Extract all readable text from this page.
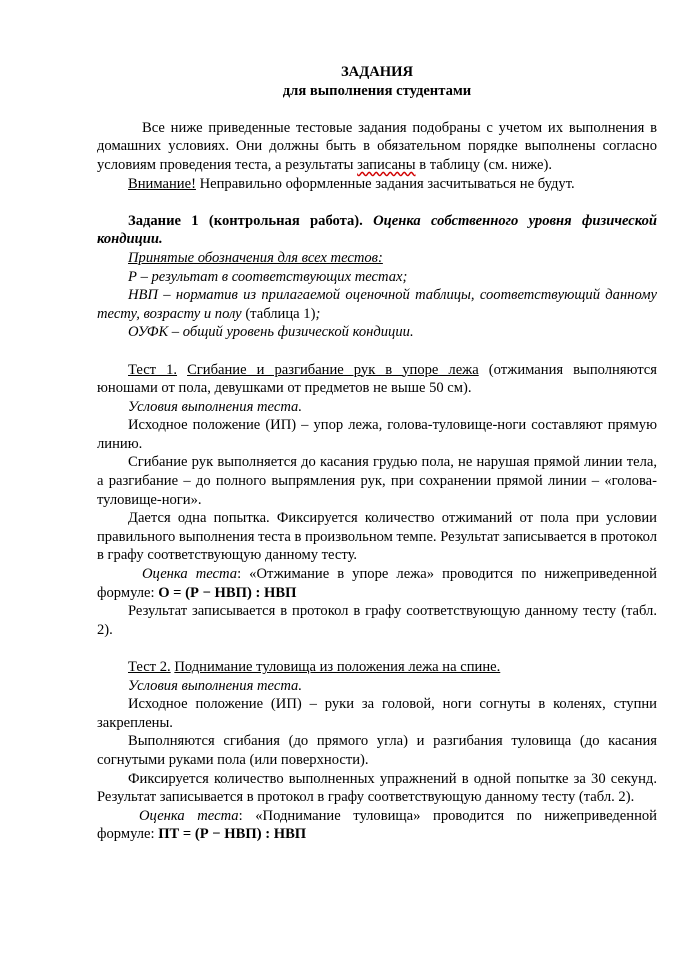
ЗАДАНИЯ
для выполнения студентами

Все ниже приведенные тестовые задания подобраны с учетом их выполнения в домашних условиях. Они должны быть в обязательном порядке выполнены согласно условиям проведения теста, а результаты записаны в таблицу (см. ниже).

Внимание! Неправильно оформленные задания засчитываться не будут.

Задание 1 (контрольная работа). Оценка собственного уровня физической кондиции.

Принятые обозначения для всех тестов:

Р – результат в соответствующих тестах;

НВП – норматив из прилагаемой оценочной таблицы, соответствующий данному тесту, возрасту и полу (таблица 1);

ОУФК – общий уровень физической кондиции.

Тест 1. Сгибание и разгибание рук в упоре лежа (отжимания выполняются юношами от пола, девушками от предметов не выше 50 см).

Условия выполнения теста.

Исходное положение (ИП) – упор лежа, голова-туловище-ноги составляют прямую линию.

Сгибание рук выполняется до касания грудью пола, не нарушая прямой линии тела, а разгибание – до полного выпрямления рук, при сохранении прямой линии – «голова-туловище-ноги».

Дается одна попытка. Фиксируется количество отжиманий от пола при условии правильного выполнения теста в произвольном темпе. Результат записывается в протокол в графу соответствующую данному тесту.

Оценка теста: «Отжимание в упоре лежа» проводится по нижеприведенной формуле: О = (Р − НВП) : НВП

Результат записывается в протокол в графу соответствующую данному тесту (табл. 2).

Тест 2. Поднимание туловища из положения лежа на спине.

Условия выполнения теста.

Исходное положение (ИП) – руки за головой, ноги согнуты в коленях, ступни закреплены.

Выполняются сгибания (до прямого угла) и разгибания туловища (до касания согнутыми руками пола (или поверхности).

Фиксируется количество выполненных упражнений в одной попытке за 30 секунд. Результат записывается в протокол в графу соответствующую данному тесту (табл. 2).

Оценка теста: «Поднимание туловища» проводится по нижеприведенной формуле: ПТ = (Р − НВП) : НВП
